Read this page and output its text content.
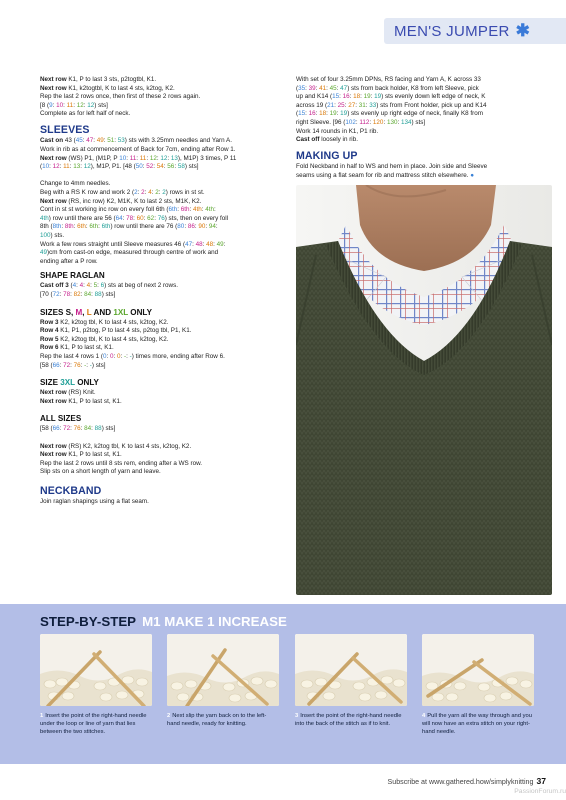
MEN'S JUMPER ✱

Next row K1, P to last 3 sts, p2togtbl, K1.

Next row K1, k2togtbl, K to last 4 sts, k2tog, K2.

Rep the last 2 rows once, then first of these 2 rows again.

[8 (9: 10: 11: 12: 12) sts]

Complete as for left half of neck.

SLEEVES

Cast on 43 (45: 47: 49: 51: 53) sts with 3.25mm needles and Yarn A.

Work in rib as at commencement of Back for 7cm, ending after Row 1.

Next row (WS) P1, (M1P, P 10: 11: 11: 12: 12: 13), M1P) 3 times, P 11

(10: 12: 11: 13: 12), M1P, P1. [48 (50: 52: 54: 56: 58) sts]

Change to 4mm needles.

Beg with a RS K row and work 2 (2: 2: 4: 2: 2) rows in st st.

Next row (RS, inc row) K2, M1K, K to last 2 sts, M1K, K2.

Cont in st st working inc row on every foll 6th (6th: 6th: 4th: 4th:

4th) row until there are 56 (64: 78: 60: 62: 76) sts, then on every foll

8th (8th: 8th: 6th: 6th: 6th) row until there are 76 (80: 86: 90: 94:

100) sts.

Work a few rows straight until Sleeve measures 46 (47: 48: 48: 49:

49)cm from cast-on edge, measured through centre of work and

ending after a P row.

SHAPE RAGLAN

Cast off 3 (4: 4: 4: 5: 6) sts at beg of next 2 rows.

[70 (72: 78: 82: 84: 88) sts]

SIZES S, M, L AND 1XL ONLY

Row 3 K2, k2tog tbl, K to last 4 sts, k2tog, K2.

Row 4 K1, P1, p2tog, P to last 4 sts, p2tog tbl, P1, K1.

Row 5 K2, k2tog tbl, K to last 4 sts, k2tog, K2.

Row 6 K1, P to last st, K1.

Rep the last 4 rows 1 (0: 0: 0: -: -) times more, ending after Row 6.

[58 (66: 72: 76: -: -) sts]

SIZE 3XL ONLY

Next row (RS) Knit.

Next row K1, P to last st, K1.

ALL SIZES

[58 (66: 72: 76: 84: 88) sts]

Next row (RS) K2, k2tog tbl, K to last 4 sts, k2tog, K2.

Next row K1, P to last st, K1.

Rep the last 2 rows until 8 sts rem, ending after a WS row.

Slip sts on a short length of yarn and leave.

NECKBAND

Join raglan shapings using a flat seam.

With set of four 3.25mm DPNs, RS facing and Yarn A, K across 33

(35: 39: 41: 45: 47) sts from back holder, K8 from left Sleeve, pick

up and K14 (15: 16: 18: 19: 19) sts evenly down left edge of neck, K

across 19 (21: 25: 27: 31: 33) sts from Front holder, pick up and K14

(15: 16: 18: 19: 19) sts evenly up right edge of neck, finally K8 from

right Sleeve. [96 (102: 112: 120: 130: 134) sts]

Work 14 rounds in K1, P1 rib.

Cast off loosely in rib.

MAKING UP

Fold Neckband in half to WS and hem in place. Join side and Sleeve

seams using a flat seam for rib and mattress stitch elsewhere. ●

STEP-BY-STEP M1 MAKE 1 INCREASE
1 Insert the point of the right-hand needle under the loop or line of yarn that lies between the two stitches.
2 Next slip the yarn back on to the left-hand needle, ready for knitting.
3 Insert the point of the right-hand needle into the back of the stitch as if to knit.
4 Pull the yarn all the way through and you will now have an extra stitch on your right-hand needle.
Subscribe at www.gathered.how/simplyknitting 37
PassionForum.ru
